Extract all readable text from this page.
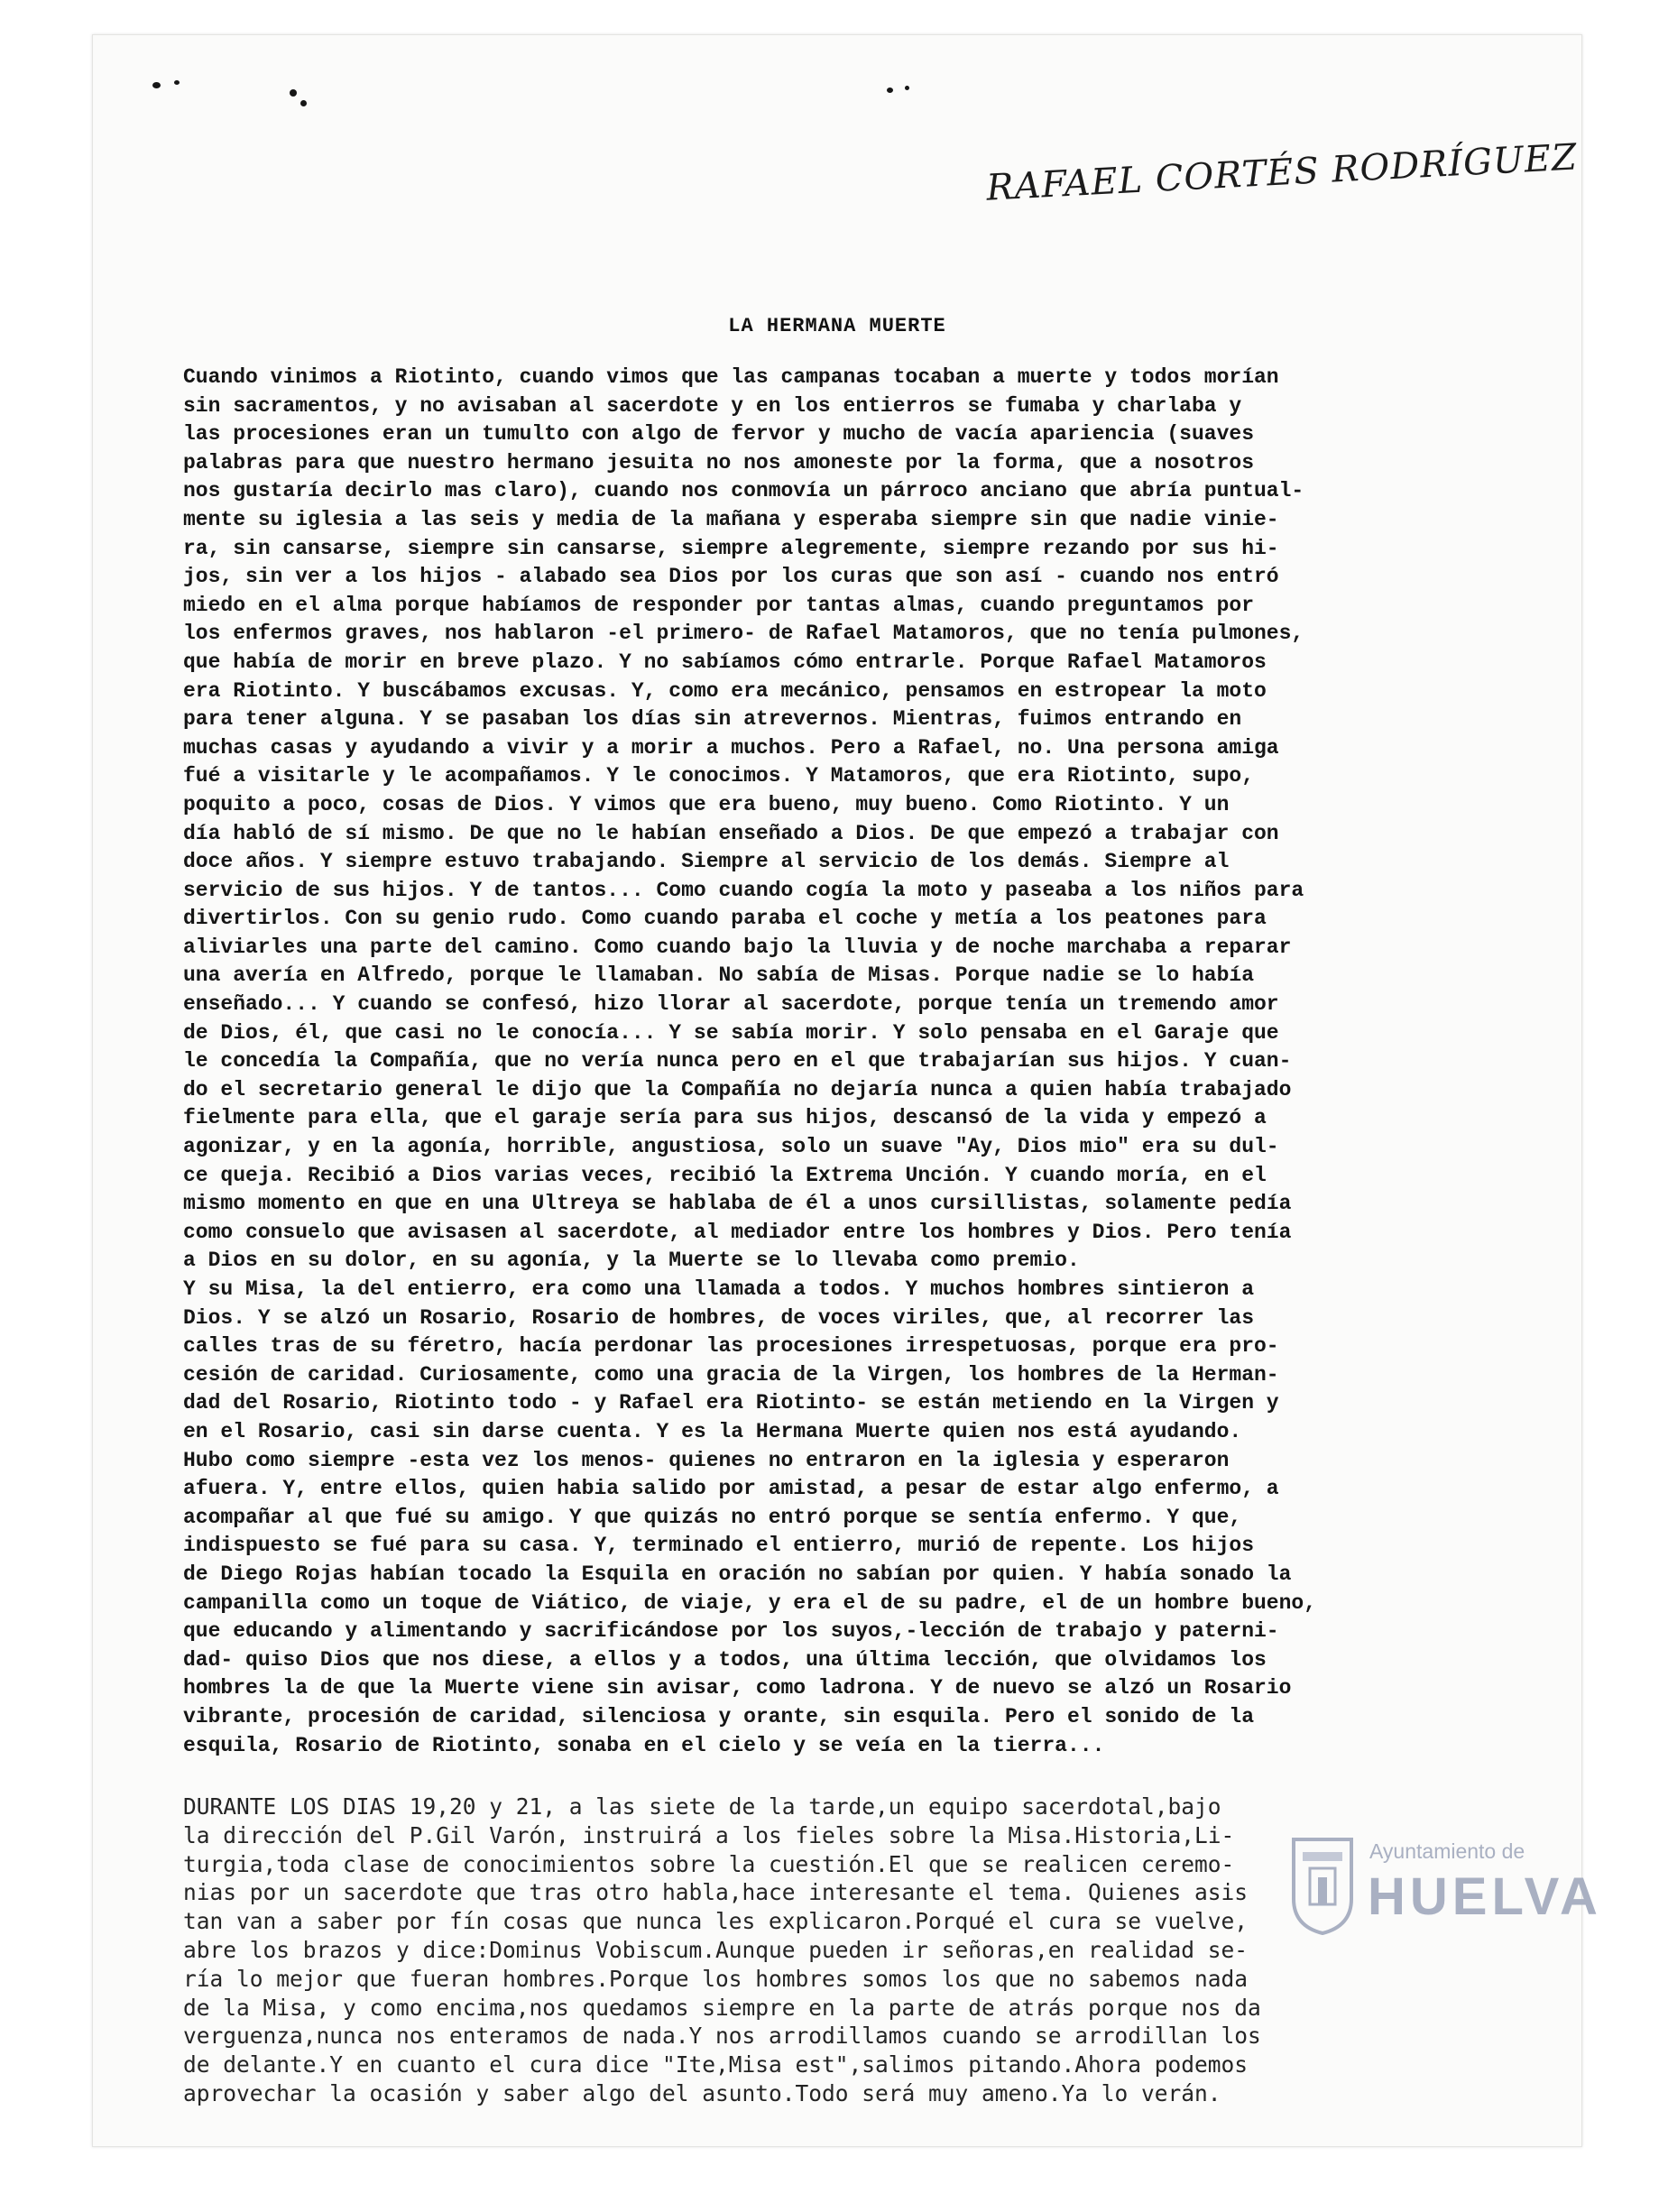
RAFAEL CORTÉS RODRÍGUEZ
LA HERMANA MUERTE
Cuando vinimos a Riotinto, cuando vimos que las campanas tocaban a muerte y todos morían
sin sacramentos, y no avisaban al sacerdote y en los entierros se fumaba y charlaba y
las procesiones eran un tumulto con algo de fervor y mucho de vacía apariencia (suaves
palabras para que nuestro hermano jesuita no nos amoneste por la forma, que a nosotros
nos gustaría decirlo mas claro), cuando nos conmovía un párroco anciano que abría puntual-
mente su iglesia a las seis y media de la mañana y esperaba siempre sin que nadie vinie-
ra, sin cansarse, siempre sin cansarse, siempre alegremente, siempre rezando por sus hi-
jos, sin ver a los hijos - alabado sea Dios por los curas que son así - cuando nos entró
miedo en el alma porque habíamos de responder por tantas almas, cuando preguntamos por
los enfermos graves, nos hablaron -el primero- de Rafael Matamoros, que no tenía pulmones,
que había de morir en breve plazo. Y no sabíamos cómo entrarle. Porque Rafael Matamoros
era Riotinto. Y buscábamos excusas. Y, como era mecánico, pensamos en estropear la moto
para tener alguna. Y se pasaban los días sin atrevernos. Mientras, fuimos entrando en
muchas casas y ayudando a vivir y a morir a muchos. Pero a Rafael, no. Una persona amiga
fué a visitarle y le acompañamos. Y le conocimos. Y Matamoros, que era Riotinto, supo,
poquito a poco, cosas de Dios. Y vimos que era bueno, muy bueno. Como Riotinto. Y un
día habló de sí mismo. De que no le habían enseñado a Dios. De que empezó a trabajar con
doce años. Y siempre estuvo trabajando. Siempre al servicio de los demás. Siempre al
servicio de sus hijos. Y de tantos... Como cuando cogía la moto y paseaba a los niños para
divertirlos. Con su genio rudo. Como cuando paraba el coche y metía a los peatones para
aliviarles una parte del camino. Como cuando bajo la lluvia y de noche marchaba a reparar
una avería en Alfredo, porque le llamaban. No sabía de Misas. Porque nadie se lo había
enseñado... Y cuando se confesó, hizo llorar al sacerdote, porque tenía un tremendo amor
de Dios, él, que casi no le conocía... Y se sabía morir. Y solo pensaba en el Garaje que
le concedía la Compañía, que no vería nunca pero en el que trabajarían sus hijos. Y cuan-
do el secretario general le dijo que la Compañía no dejaría nunca a quien había trabajado
fielmente para ella, que el garaje sería para sus hijos, descansó de la vida y empezó a
agonizar, y en la agonía, horrible, angustiosa, solo un suave "Ay, Dios mio" era su dul-
ce queja. Recibió a Dios varias veces, recibió la Extrema Unción. Y cuando moría, en el
mismo momento en que en una Ultreya se hablaba de él a unos cursillistas, solamente pedía
como consuelo que avisasen al sacerdote, al mediador entre los hombres y Dios. Pero tenía
a Dios en su dolor, en su agonía, y la Muerte se lo llevaba como premio.
Y su Misa, la del entierro, era como una llamada a todos. Y muchos hombres sintieron a
Dios. Y se alzó un Rosario, Rosario de hombres, de voces viriles, que, al recorrer las
calles tras de su féretro, hacía perdonar las procesiones irrespetuosas, porque era pro-
cesión de caridad. Curiosamente, como una gracia de la Virgen, los hombres de la Herman-
dad del Rosario, Riotinto todo - y Rafael era Riotinto- se están metiendo en la Virgen y
en el Rosario, casi sin darse cuenta. Y es la Hermana Muerte quien nos está ayudando.
Hubo como siempre -esta vez los menos- quienes no entraron en la iglesia y esperaron
afuera. Y, entre ellos, quien habia salido por amistad, a pesar de estar algo enfermo, a
acompañar al que fué su amigo. Y que quizás no entró porque se sentía enfermo. Y que,
indispuesto se fué para su casa. Y, terminado el entierro, murió de repente. Los hijos
de Diego Rojas habían tocado la Esquila en oración no sabían por quien. Y había sonado la
campanilla como un toque de Viático, de viaje, y era el de su padre, el de un hombre bueno,
que educando y alimentando y sacrificándose por los suyos,-lección de trabajo y paterni-
dad- quiso Dios que nos diese, a ellos y a todos, una última lección, que olvidamos los
hombres la de que la Muerte viene sin avisar, como ladrona. Y de nuevo se alzó un Rosario
vibrante, procesión de caridad, silenciosa y orante, sin esquila. Pero el sonido de la
esquila, Rosario de Riotinto, sonaba en el cielo y se veía en la tierra...
DURANTE LOS DIAS 19,20 y 21, a las siete de la tarde,un equipo sacerdotal,bajo
la dirección del P.Gil Varón, instruirá a los fieles sobre la Misa.Historia,Li-
turgia,toda clase de conocimientos sobre la cuestión.El que se realicen ceremo-
nias por un sacerdote que tras otro habla,hace interesante el tema. Quienes asis
tan van a saber por fín cosas que nunca les explicaron.Porqué el cura se vuelve,
abre los brazos y dice:Dominus Vobiscum.Aunque pueden ir señoras,en realidad se-
ría lo mejor que fueran hombres.Porque los hombres somos los que no sabemos nada
de la Misa, y como encima,nos quedamos siempre en la parte de atrás porque nos da
verguenza,nunca nos enteramos de nada.Y nos arrodillamos cuando se arrodillan los
de delante.Y en cuanto el cura dice "Ite,Misa est",salimos pitando.Ahora podemos
aprovechar la ocasión y saber algo del asunto.Todo será muy ameno.Ya lo verán.
Ayuntamiento de
HUELVA
